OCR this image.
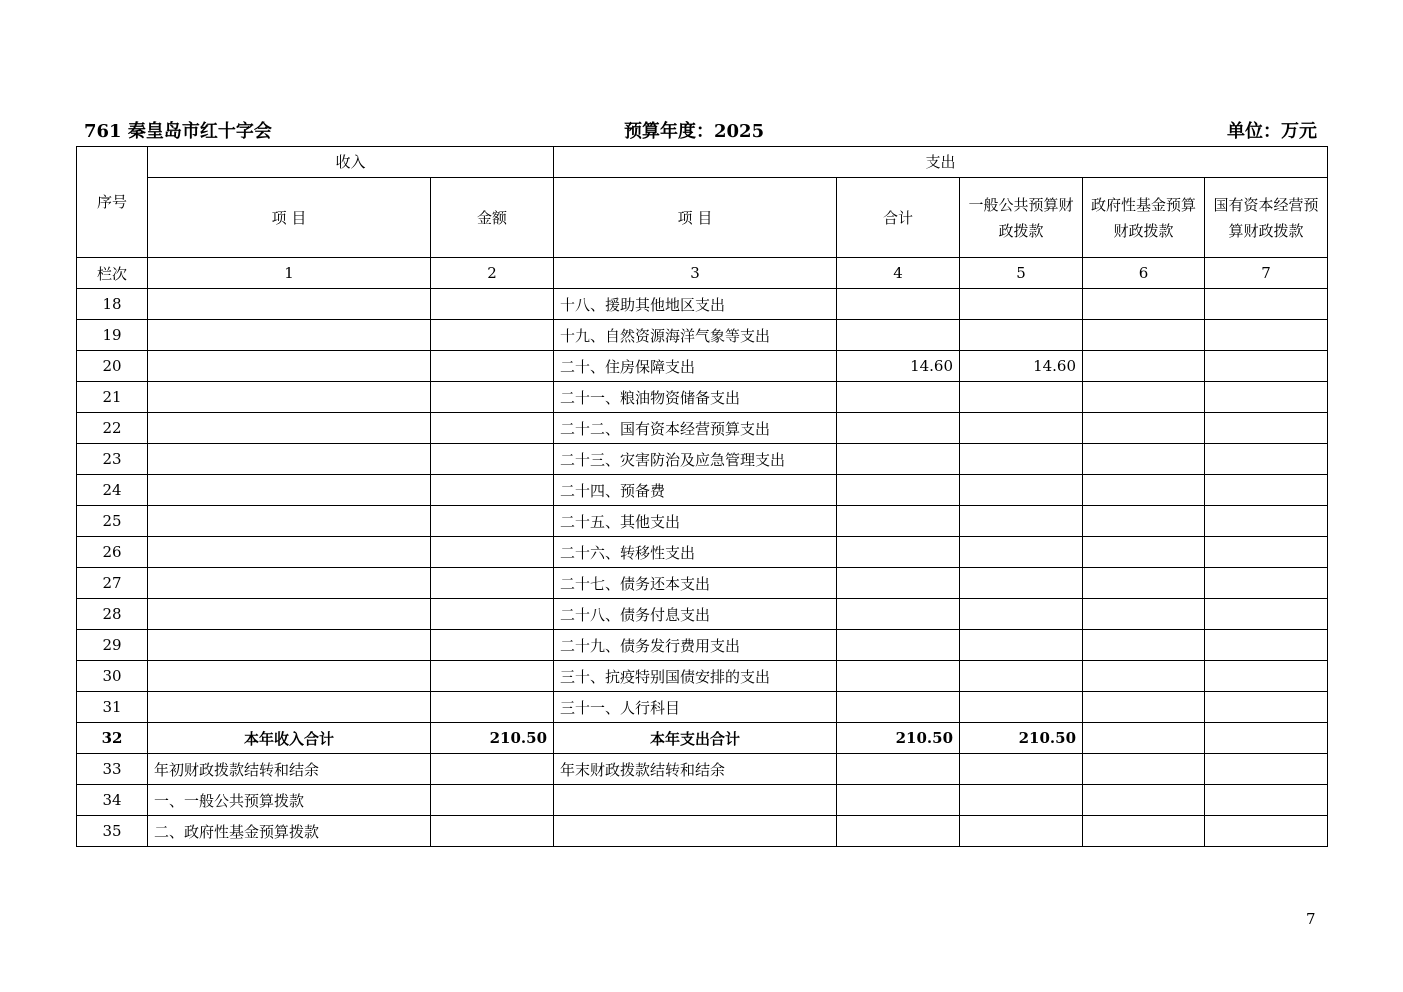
761 秦皇岛市红十字会	预算年度：2025	单位：万元
序号	收入		支出				
	项 目	金额	项 目	合计	一般公共预算财政拨款	政府性基金预算财政拨款	国有资本经营预算财政拨款
栏次	1	2	3	4	5	6	7
18			十八、援助其他地区支出				
19			十九、自然资源海洋气象等支出				
20			二十、住房保障支出	14.60	14.60		
21			二十一、粮油物资储备支出				
22			二十二、国有资本经营预算支出				
23			二十三、灾害防治及应急管理支出				
24			二十四、预备费				
25			二十五、其他支出				
26			二十六、转移性支出				
27			二十七、债务还本支出				
28			二十八、债务付息支出				
29			二十九、债务发行费用支出				
30			三十、抗疫特别国债安排的支出				
31			三十一、人行科目				
32	本年收入合计	210.50	本年支出合计	210.50	210.50		
33	年初财政拨款结转和结余		年末财政拨款结转和结余				
34	一、一般公共预算拨款						
35	二、政府性基金预算拨款						
7
